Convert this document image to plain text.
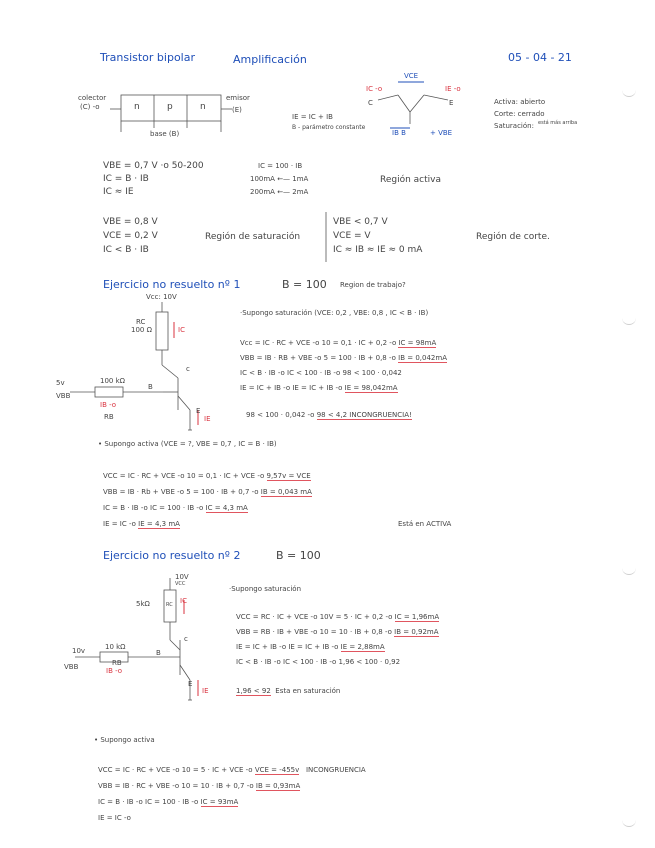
Transistor bipolar	Amplificación	05 - 04 - 21
colector
(C) -o	n	p	n
emisor
(E)
base (B)
IE = IC + IB
B - parámetro constante
IC -o
VCE
IE -o
C	E
IB B	+ VBE
Activa: abierto
Corte: cerrado
Saturación: está más arriba
VBE = 0,7 V ·o 50-200
IC = B · IB
IC ≈ IE
IC = 100 · IB
100mA ←— 1mA
200mA ←— 2mA
Región activa
VBE = 0,8 V
VCE = 0,2 V
IC < B · IB
Región de saturación
VBE < 0,7 V
VCE = V
IC ≈ IB ≈ IE ≈ 0 mA
Región de corte.
Ejercicio no resuelto nº 1	B = 100 Region de trabajo?
Vcc: 10V
RC
100 Ω	IC
c
100 kΩ
B
5v
VBB
IB -o
RB
E
IE
·Supongo saturación (VCE: 0,2 , VBE: 0,8 , IC < B · IB)
Vcc = IC · RC + VCE -o 10 = 0,1 · IC + 0,2 -o IC = 98mA
VBB = IB · RB + VBE -o 5 = 100 · IB + 0,8 -o IB = 0,042mA
IC < B · IB -o IC < 100 · IB -o 98 < 100 · 0,042
IE = IC + IB -o IE = IC + IB -o IE = 98,042mA
98 < 100 · 0,042 -o 98 < 4,2 INCONGRUENCIA!
• Supongo activa (VCE = ?, VBE = 0,7 , IC = B · IB)
VCC = IC · RC + VCE -o 10 = 0,1 · IC + VCE -o 9,57v = VCE
VBB = IB · Rb + VBE -o 5 = 100 · IB + 0,7 -o IB = 0,043 mA
IC = B · IB -o IC = 100 · IB -o IC = 4,3 mA
IE = IC -o IE = 4,3 mA	Está en ACTIVA
Ejercicio no resuelto nº 2	B = 100
10V
VCC
5kΩ	RC IC
c
10 kΩ
B
10v
VBB	RB
IB -o
E
IE
·Supongo saturación
VCC = RC · IC + VCE -o 10V = 5 · IC + 0,2 -o IC = 1,96mA
VBB = RB · IB + VBE -o 10 = 10 · IB + 0,8 -o IB = 0,92mA
IE = IC + IB -o IE = IC + IB -o IE = 2,88mA
IC < B · IB -o IC < 100 · IB -o 1,96 < 100 · 0,92
1,96 < 92 Esta en saturación
• Supongo activa
VCC = IC · RC + VCE -o 10 = 5 · IC + VCE -o VCE = -455v INCONGRUENCIA
VBB = IB · RC + VBE -o 10 = 10 · IB + 0,7 -o IB = 0,93mA
IC = B · IB -o IC = 100 · IB -o IC = 93mA
IE = IC -o
